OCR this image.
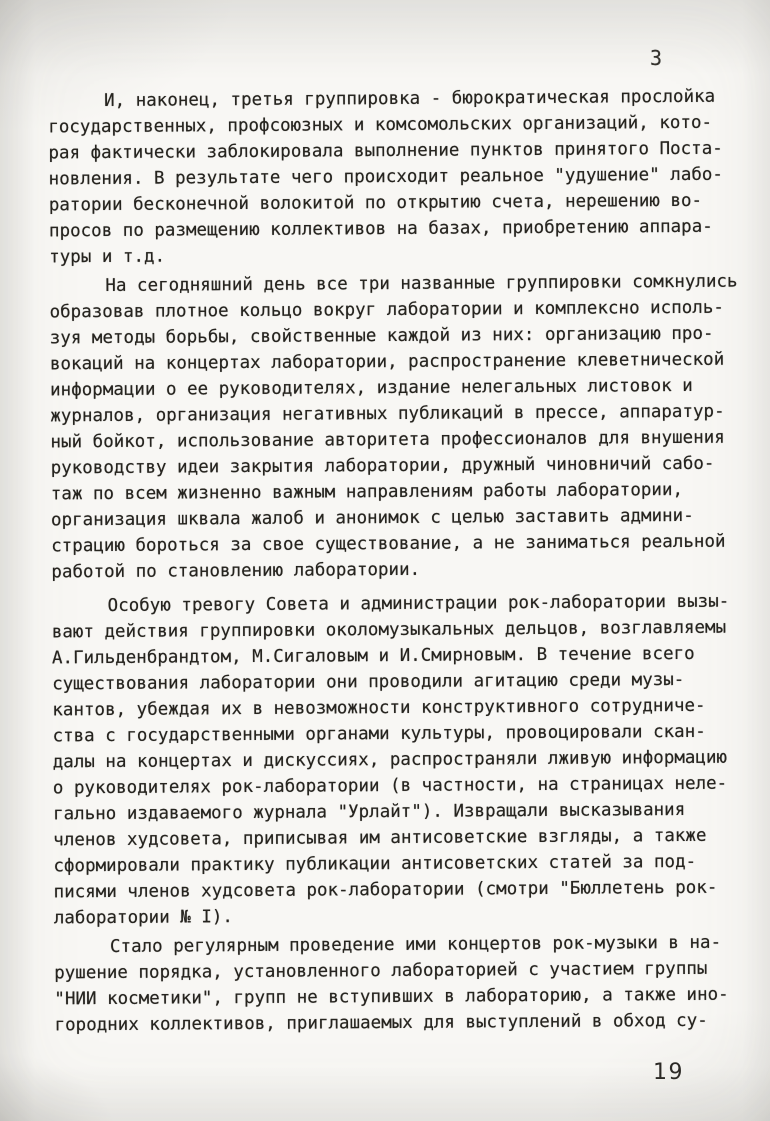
3
И, наконец, третья группировка - бюрократическая прослойка
государственных, профсоюзных и комсомольских организаций, кото-
рая фактически заблокировала выполнение пунктов принятого Поста-
новления. В результате чего происходит реальное "удушение" лабо-
ратории бесконечной волокитой по открытию счета, нерешению во-
просов по размещению коллективов на базах, приобретению аппара-
туры и т.д.
На сегодняшний день все три названные группировки сомкнулись
образовав плотное кольцо вокруг лаборатории и комплексно исполь-
зуя методы борьбы, свойственные каждой из них: организацию про-
вокаций на концертах лаборатории, распространение клеветнической
информации о ее руководителях, издание нелегальных листовок и
журналов, организация негативных публикаций в прессе, аппаратур-
ный бойкот, использование авторитета профессионалов для внушения
руководству идеи закрытия лаборатории, дружный чиновничий сабо-
таж по всем жизненно важным направлениям работы лаборатории,
организация шквала жалоб и анонимок с целью заставить админи-
страцию бороться за свое существование, а не заниматься реальной
работой по становлению лаборатории.
Особую тревогу Совета и администрации рок-лаборатории вызы-
вают действия группировки околомузыкальных дельцов, возглавляемы
А.Гильденбрандтом, М.Сигаловым и И.Смирновым. В течение всего
существования лаборатории они проводили агитацию среди музы-
кантов, убеждая их в невозможности конструктивного сотрудниче-
ства с государственными органами культуры, провоцировали скан-
далы на концертах и дискуссиях, распространяли лживую информацию
о руководителях рок-лаборатории (в частности, на страницах неле-
гально издаваемого журнала "Урлайт"). Извращали высказывания
членов худсовета, приписывая им антисоветские взгляды, а также
сформировали практику публикации антисоветских статей за под-
писями членов худсовета рок-лаборатории (смотри "Бюллетень рок-
лаборатории № I).
Стало регулярным проведение ими концертов рок-музыки в на-
рушение порядка, установленного лабораторией с участием группы
"НИИ косметики", групп не вступивших в лабораторию, а также ино-
городних коллективов, приглашаемых для выступлений в обход су-
19
